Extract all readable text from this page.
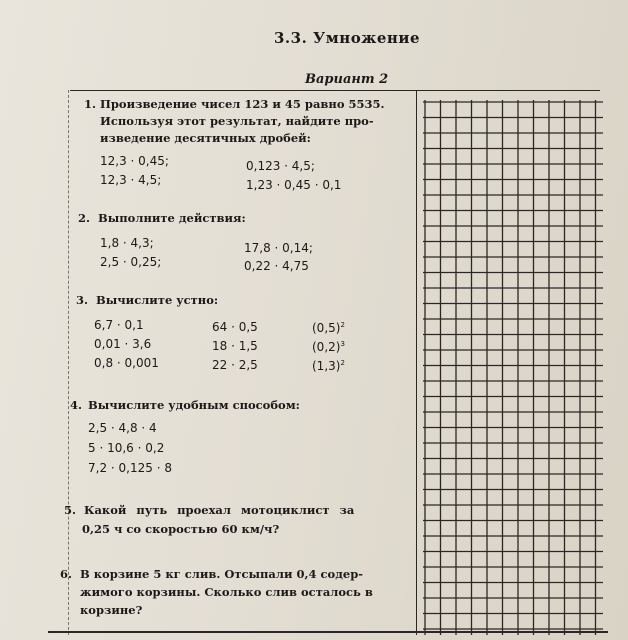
3.3. Умножение
Вариант 2
1. Произведение чисел 123 и 45 равно 5535.
Используя этот результат, найдите про-
изведение десятичных дробей:
12,3 · 0,45;	0,123 · 4,5;
12,3 · 4,5;	1,23 · 0,45 · 0,1
2. Выполните действия:
1,8 · 4,3;	17,8 · 0,14;
2,5 · 0,25;	0,22 · 4,75
3. Вычислите устно:
6,7 · 0,1	64 · 0,5	$(0,5)^2$
0,01 · 3,6	18 · 1,5	$(0,2)^3$
0,8 · 0,001	22 · 2,5	$(1,3)^2$
4. Вычислите удобным способом:
2,5 · 4,8 · 4
5 · 10,6 · 0,2
7,2 · 0,125 · 8
5. Какой путь проехал мотоциклист за
0,25 ч со скоростью 60 км/ч?
6. В корзине 5 кг слив. Отсыпали 0,4 содер-
жимого корзины. Сколько слив осталось в
корзине?
